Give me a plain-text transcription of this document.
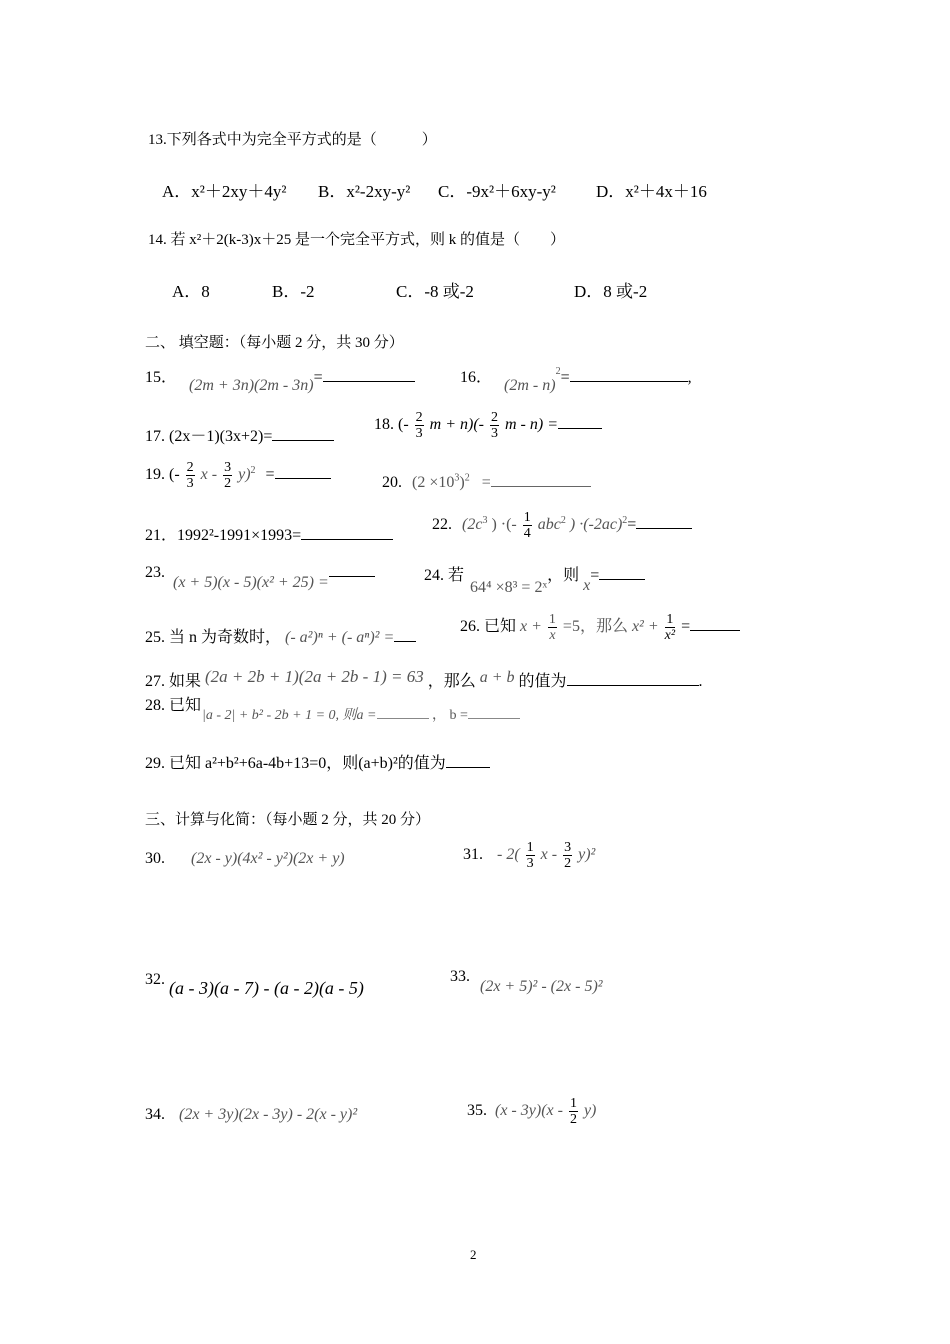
13.下列各式中为完全平方式的是（　　　）
A．x²＋2xy＋4y² B．x²-2xy-y² C．-9x²＋6xy-y² D．x²＋4x＋16
14. 若 x²＋2(k-3)x＋25 是一个完全平方式，则 k 的值是（　　）
A．8	B．-2	C．-8 或-2	D．8 或-2
二、 填空题：（每小题 2 分，共 30 分）
15． (2m + 3n)(2m - 3n)=	16． (2m - n)$^2$=	,
17. (2x－1)(3x+2)=
18. (- $\frac{2}{3}$ $m + n)(- \frac{2}{3}$ m - n) =
19. (- $\frac{2}{3}$ x - $\frac{3}{2} y)^2$ =	20. $(2 \times 10^3)^2$ =
21．1992²-1991×1993=
22. ($2c^3$ ) ·(- $\frac{1}{4} abc^2$ ) $\cdot(-2ac)^2=$
23. (x + 5)(x - 5)(x² + 25) =	24. 若 64⁴ ×8³ = 2ˣ，则 x=
25. 当 n 为奇数时， (- a²)ⁿ + (- aⁿ)² =
26. 已知 $x + \frac{1}{x} =5$，那么 $x^2 + \frac{1}{\text{x²}}$ =
27. 如果 (2a + 2b + 1)(2a + 2b - 1) = 63 ，那么 a + b 的值为	.
28. 已知
|a - 2| + b² - 2b + 1 = 0, 则a =	， b =
29. 已知 a²+b²+6a-4b+13=0，则(a+b)²的值为
三、计算与化简：（每小题 2 分，共 20 分）
30. (2x - y)(4x² - y²)(2x + y)	31. - $2( \frac{1}{3}$ x - $\frac{3}{2} y)^2$
32. (a - 3)(a - 7) - (a - 2)(a - 5)
33. (2x + 5)² - (2x - 5)²
34. (2x + 3y)(2x - 3y) - 2(x - y)²	35. $(x - 3y)(x - \frac{1}{2} y)$
2
